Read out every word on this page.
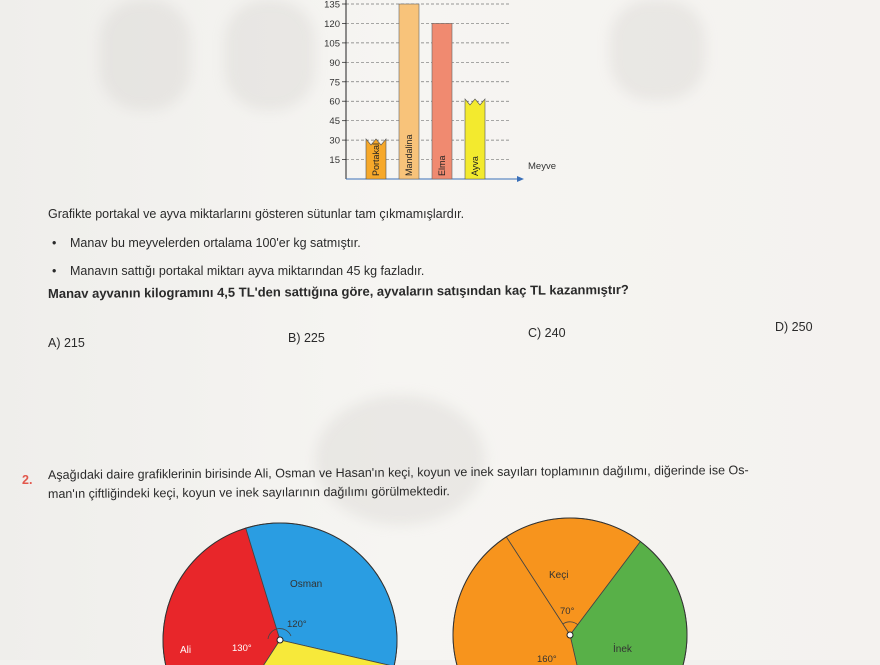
15
30
45
60
75
90
105
120
135
Meyve
Portakal	Mandalina	Elma	Ayva
Grafikte portakal ve ayva miktarlarını gösteren sütunlar tam çıkmamışlardır.
• Manav bu meyvelerden ortalama 100'er kg satmıştır.
• Manavın sattığı portakal miktarı ayva miktarından 45 kg fazladır.
Manav ayvanın kilogramını 4,5 TL'den sattığına göre, ayvaların satışından kaç TL kazanmıştır?
A) 215	B) 225	C) 240	D) 250
2. Aşağıdaki daire grafiklerinin birisinde Ali, Osman ve Hasan'ın keçi, koyun ve inek sayıları toplamının dağılımı, diğerinde ise Os-
man'ın çiftliğindeki keçi, koyun ve inek sayılarının dağılımı görülmektedir.
Ali
Osman
130°
120°
Keçi
İnek
70°
160°
